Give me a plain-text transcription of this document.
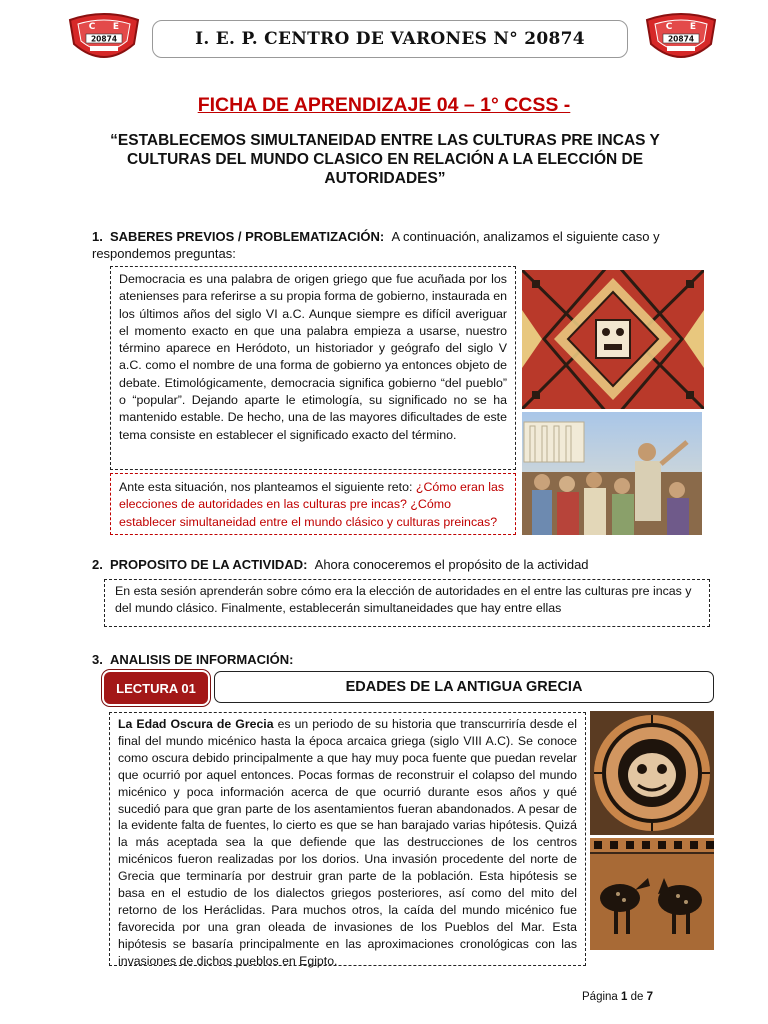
20874
C E
20874
C E
I. E. P. CENTRO DE VARONES N° 20874
FICHA DE APRENDIZAJE 04 – 1° CCSS -
“ESTABLECEMOS SIMULTANEIDAD ENTRE LAS CULTURAS PRE INCAS Y CULTURAS DEL MUNDO CLASICO EN RELACIÓN A LA ELECCIÓN DE AUTORIDADES”
1. SABERES PREVIOS / PROBLEMATIZACIÓN: A continuación, analizamos el siguiente caso y respondemos preguntas:
Democracia es una palabra de origen griego que fue acuñada por los atenienses para referirse a su propia forma de gobierno, instaurada en los últimos años del siglo VI a.C. Aunque siempre es difícil averiguar el momento exacto en que una palabra empieza a usarse, nuestro término aparece en Heródoto, un historiador y geógrafo del siglo V a.C. como el nombre de una forma de gobierno ya entonces objeto de debate. Etimológicamente, democracia significa gobierno “del pueblo” o “popular”. Dejando aparte le etimología, su significado no se ha mantenido estable. De hecho, una de las mayores dificultades de este tema consiste en establecer el significado exacto del término.
Ante esta situación, nos planteamos el siguiente reto: ¿Cómo eran las elecciones de autoridades en las culturas pre incas? ¿Cómo establecer simultaneidad entre el mundo clásico y culturas preincas?
2. PROPOSITO DE LA ACTIVIDAD: Ahora conoceremos el propósito de la actividad
En esta sesión aprenderán sobre cómo era la elección de autoridades en el entre las culturas pre incas y del mundo clásico. Finalmente, establecerán simultaneidades que hay entre ellas
3. ANALISIS DE INFORMACIÓN:
LECTURA 01	EDADES DE LA ANTIGUA GRECIA
La Edad Oscura de Grecia es un periodo de su historia que transcurriría desde el final del mundo micénico hasta la época arcaica griega (siglo VIII A.C). Se conoce como oscura debido principalmente a que hay muy poca fuente que puedan revelar que ocurrió por aquel entonces. Pocas formas de reconstruir el colapso del mundo micénico y poca información acerca de que ocurrió durante esos años y qué sucedió para que gran parte de los asentamientos fueran abandonados. A pesar de la evidente falta de fuentes, lo cierto es que se han barajado varias hipótesis. Quizá la más aceptada sea la que defiende que las destrucciones de los centros micénicos fueron realizadas por los dorios. Una invasión procedente del norte de Grecia que terminaría por destruir gran parte de la población. Esta hipótesis se basa en el estudio de los dialectos griegos posteriores, así como del mito del retorno de los Heráclidas. Para muchos otros, la caída del mundo micénico fue favorecida por una gran oleada de invasiones de los Pueblos del Mar. Esta hipótesis se basaría principalmente en las aproximaciones cronológicas con las invasiones de dichos pueblos en Egipto.
Página 1 de 7
